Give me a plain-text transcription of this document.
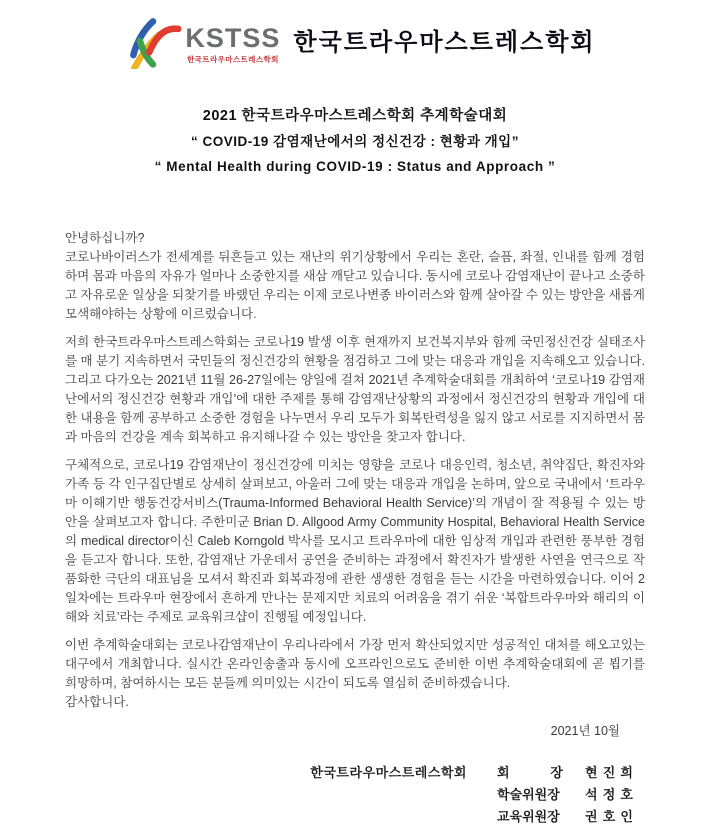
KSTSS
한국트라우마스트레스학회
한국트라우마스트레스학회
2021 한국트라우마스트레스학회 추계학술대회
“ COVID-19 감염재난에서의 정신건강 : 현황과 개입”
“ Mental Health during COVID-19 : Status and Approach ”

안녕하십니까?

코로나바이러스가 전세계를 뒤흔들고 있는 재난의 위기상황에서 우리는 혼란, 슬픔, 좌절, 인내를 함께 경험하며 몸과 마음의 자유가 얼마나 소중한지를 새삼 깨닫고 있습니다. 동시에 코로나 감염재난이 끝나고 소중하고 자유로운 일상을 되찾기를 바랬던 우리는 이제 코로나변종 바이러스와 함께 살아갈 수 있는 방안을 새롭게 모색해야하는 상황에 이르렀습니다.

저희 한국트라우마스트레스학회는 코로나19 발생 이후 현재까지 보건복지부와 함께 국민정신건강 실태조사를 매 분기 지속하면서 국민들의 정신건강의 현황을 점검하고 그에 맞는 대응과 개입을 지속해오고 있습니다. 그리고 다가오는 2021년 11월 26-27일에는 양일에 걸쳐 2021년 추계학술대회를 개최하여 ‘코로나19 감염재난에서의 정신건강 현황과 개입’에 대한 주제를 통해 감염재난상황의 과정에서 정신건강의 현황과 개입에 대한 내용을 함께 공부하고 소중한 경험을 나누면서 우리 모두가 회복탄력성을 잃지 않고 서로를 지지하면서 몸과 마음의 건강을 계속 회복하고 유지해나갈 수 있는 방안을 찾고자 합니다.

구체적으로, 코로나19 감염재난이 정신건강에 미치는 영향을 코로나 대응인력, 청소년, 취약집단, 확진자와 가족 등 각 인구집단별로 상세히 살펴보고, 아울러 그에 맞는 대응과 개입을 논하며, 앞으로 국내에서 ‘트라우마 이해기반 행동건강서비스(Trauma-Informed Behavioral Health Service)’의 개념이 잘 적용될 수 있는 방안을 살펴보고자 합니다. 주한미군 Brian D. Allgood Army Community Hospital, Behavioral Health Service의 medical director이신 Caleb Korngold 박사를 모시고 트라우마에 대한 임상적 개입과 관련한 풍부한 경험을 듣고자 합니다. 또한, 감염재난 가운데서 공연을 준비하는 과정에서 확진자가 발생한 사연을 연극으로 작품화한 극단의 대표님을 모셔서 확진과 회복과정에 관한 생생한 경험을 듣는 시간을 마련하였습니다. 이어 2일차에는 트라우마 현장에서 흔하게 만나는 문제지만 치료의 어려움을 겪기 쉬운 ‘복합트라우마와 해리의 이해와 치료’라는 주제로 교육워크샵이 진행될 예정입니다.

이번 추계학술대회는 코로나감염재난이 우리나라에서 가장 먼저 확산되었지만 성공적인 대처를 해오고있는 대구에서 개최합니다. 실시간 온라인송출과 동시에 오프라인으로도 준비한 이번 추계학술대회에 곧 뵙기를 희망하며, 참여하시는 모든 분들께 의미있는 시간이 되도록 열심히 준비하겠습니다.

감사합니다.

2021년 10월
한국트라우마스트레스학회 회 장 현 진 희
학술위원장 석 정 호
교육위원장 권 호 인
